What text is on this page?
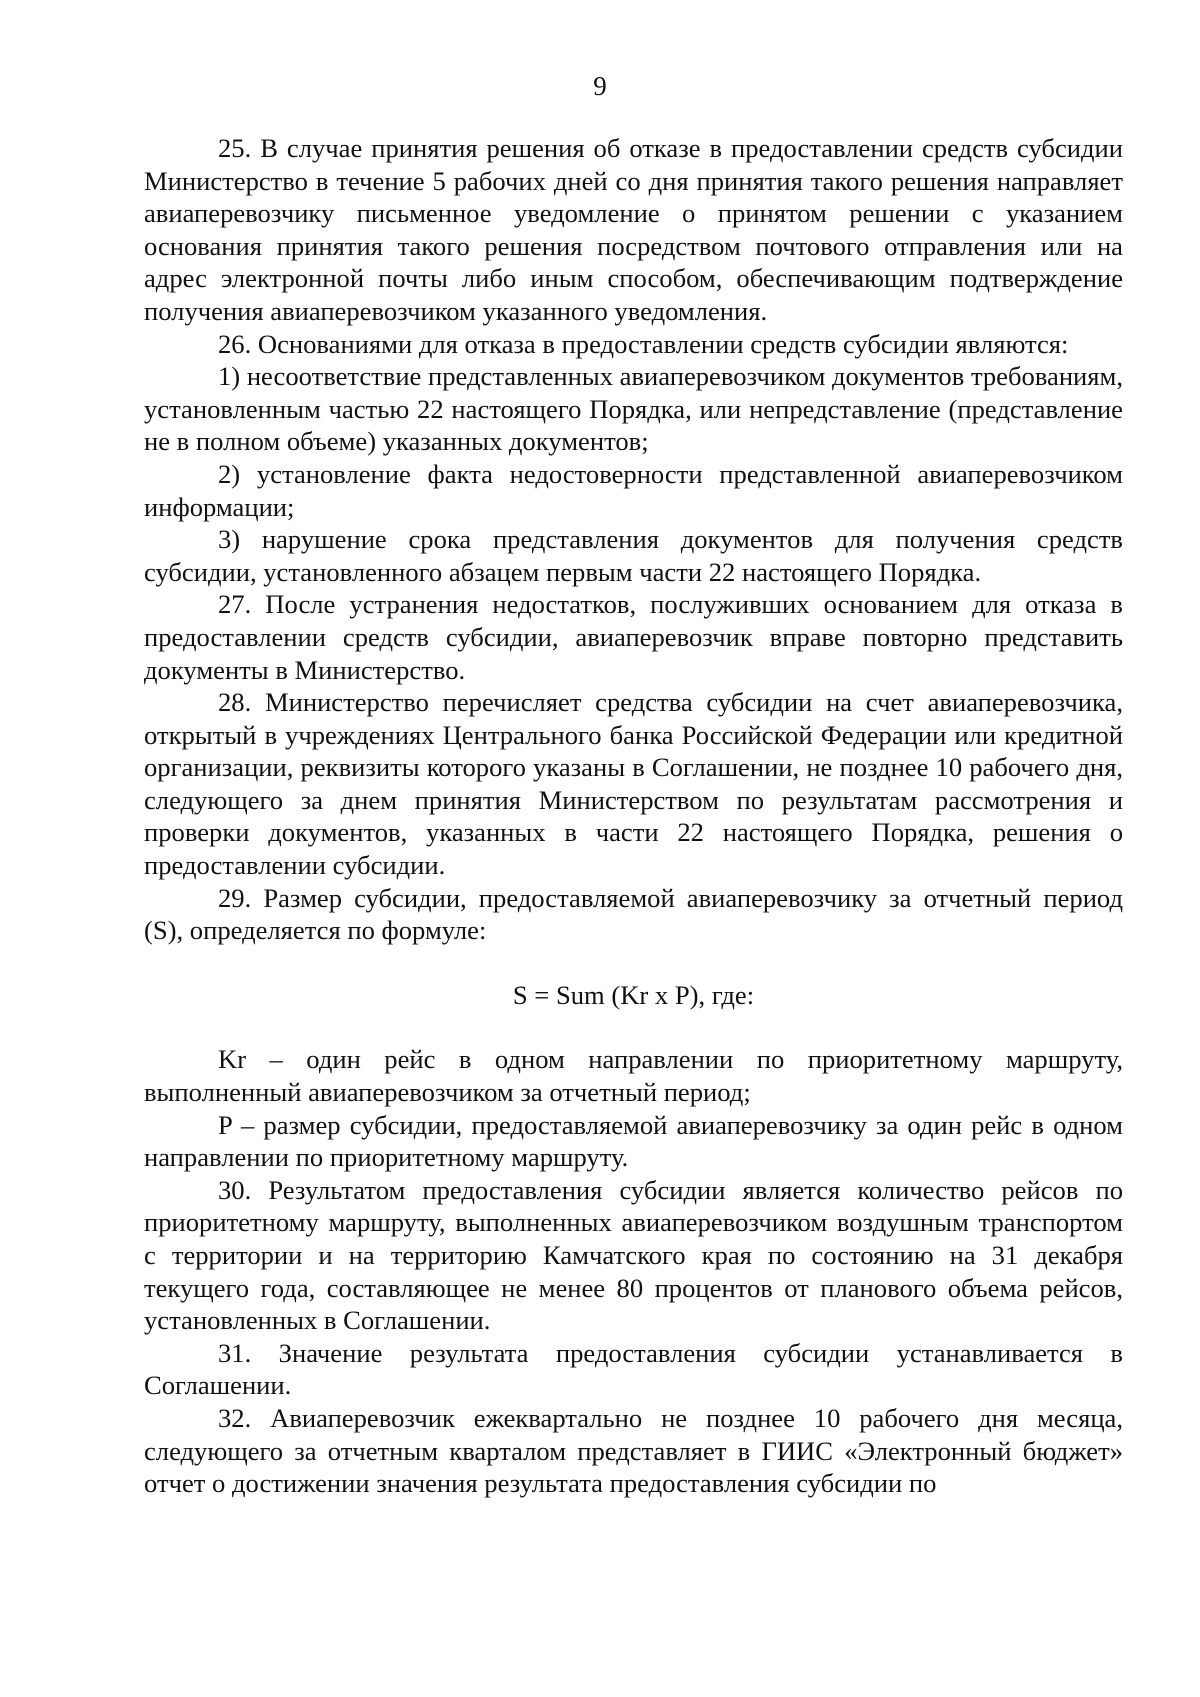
9

25. В случае принятия решения об отказе в предоставлении средств субсидии Министерство в течение 5 рабочих дней со дня принятия такого решения направляет авиаперевозчику письменное уведомление о принятом решении с указанием основания принятия такого решения посредством почтового отправления или на адрес электронной почты либо иным способом, обеспечивающим подтверждение получения авиаперевозчиком указанного уведомления.

26. Основаниями для отказа в предоставлении средств субсидии являются:

1) несоответствие представленных авиаперевозчиком документов требованиям, установленным частью 22 настоящего Порядка, или непредставление (представление не в полном объеме) указанных документов;

2) установление факта недостоверности представленной авиаперевозчиком информации;

3) нарушение срока представления документов для получения средств субсидии, установленного абзацем первым части 22 настоящего Порядка.

27. После устранения недостатков, послуживших основанием для отказа в предоставлении средств субсидии, авиаперевозчик вправе повторно представить документы в Министерство.

28. Министерство перечисляет средства субсидии на счет авиаперевозчика, открытый в учреждениях Центрального банка Российской Федерации или кредитной организации, реквизиты которого указаны в Соглашении, не позднее 10 рабочего дня, следующего за днем принятия Министерством по результатам рассмотрения и проверки документов, указанных в части 22 настоящего Порядка, решения о предоставлении субсидии.

29. Размер субсидии, предоставляемой авиаперевозчику за отчетный период (S), определяется по формуле:

S = Sum (Kr x P), где:

Kr – один рейс в одном направлении по приоритетному маршруту, выполненный авиаперевозчиком за отчетный период;

P – размер субсидии, предоставляемой авиаперевозчику за один рейс в одном направлении по приоритетному маршруту.

30. Результатом предоставления субсидии является количество рейсов по приоритетному маршруту, выполненных авиаперевозчиком воздушным транспортом с территории и на территорию Камчатского края по состоянию на 31 декабря текущего года, составляющее не менее 80 процентов от планового объема рейсов, установленных в Соглашении.

31. Значение результата предоставления субсидии устанавливается в Соглашении.

32. Авиаперевозчик ежеквартально не позднее 10 рабочего дня месяца, следующего за отчетным кварталом представляет в ГИИС «Электронный бюджет» отчет о достижении значения результата предоставления субсидии по
